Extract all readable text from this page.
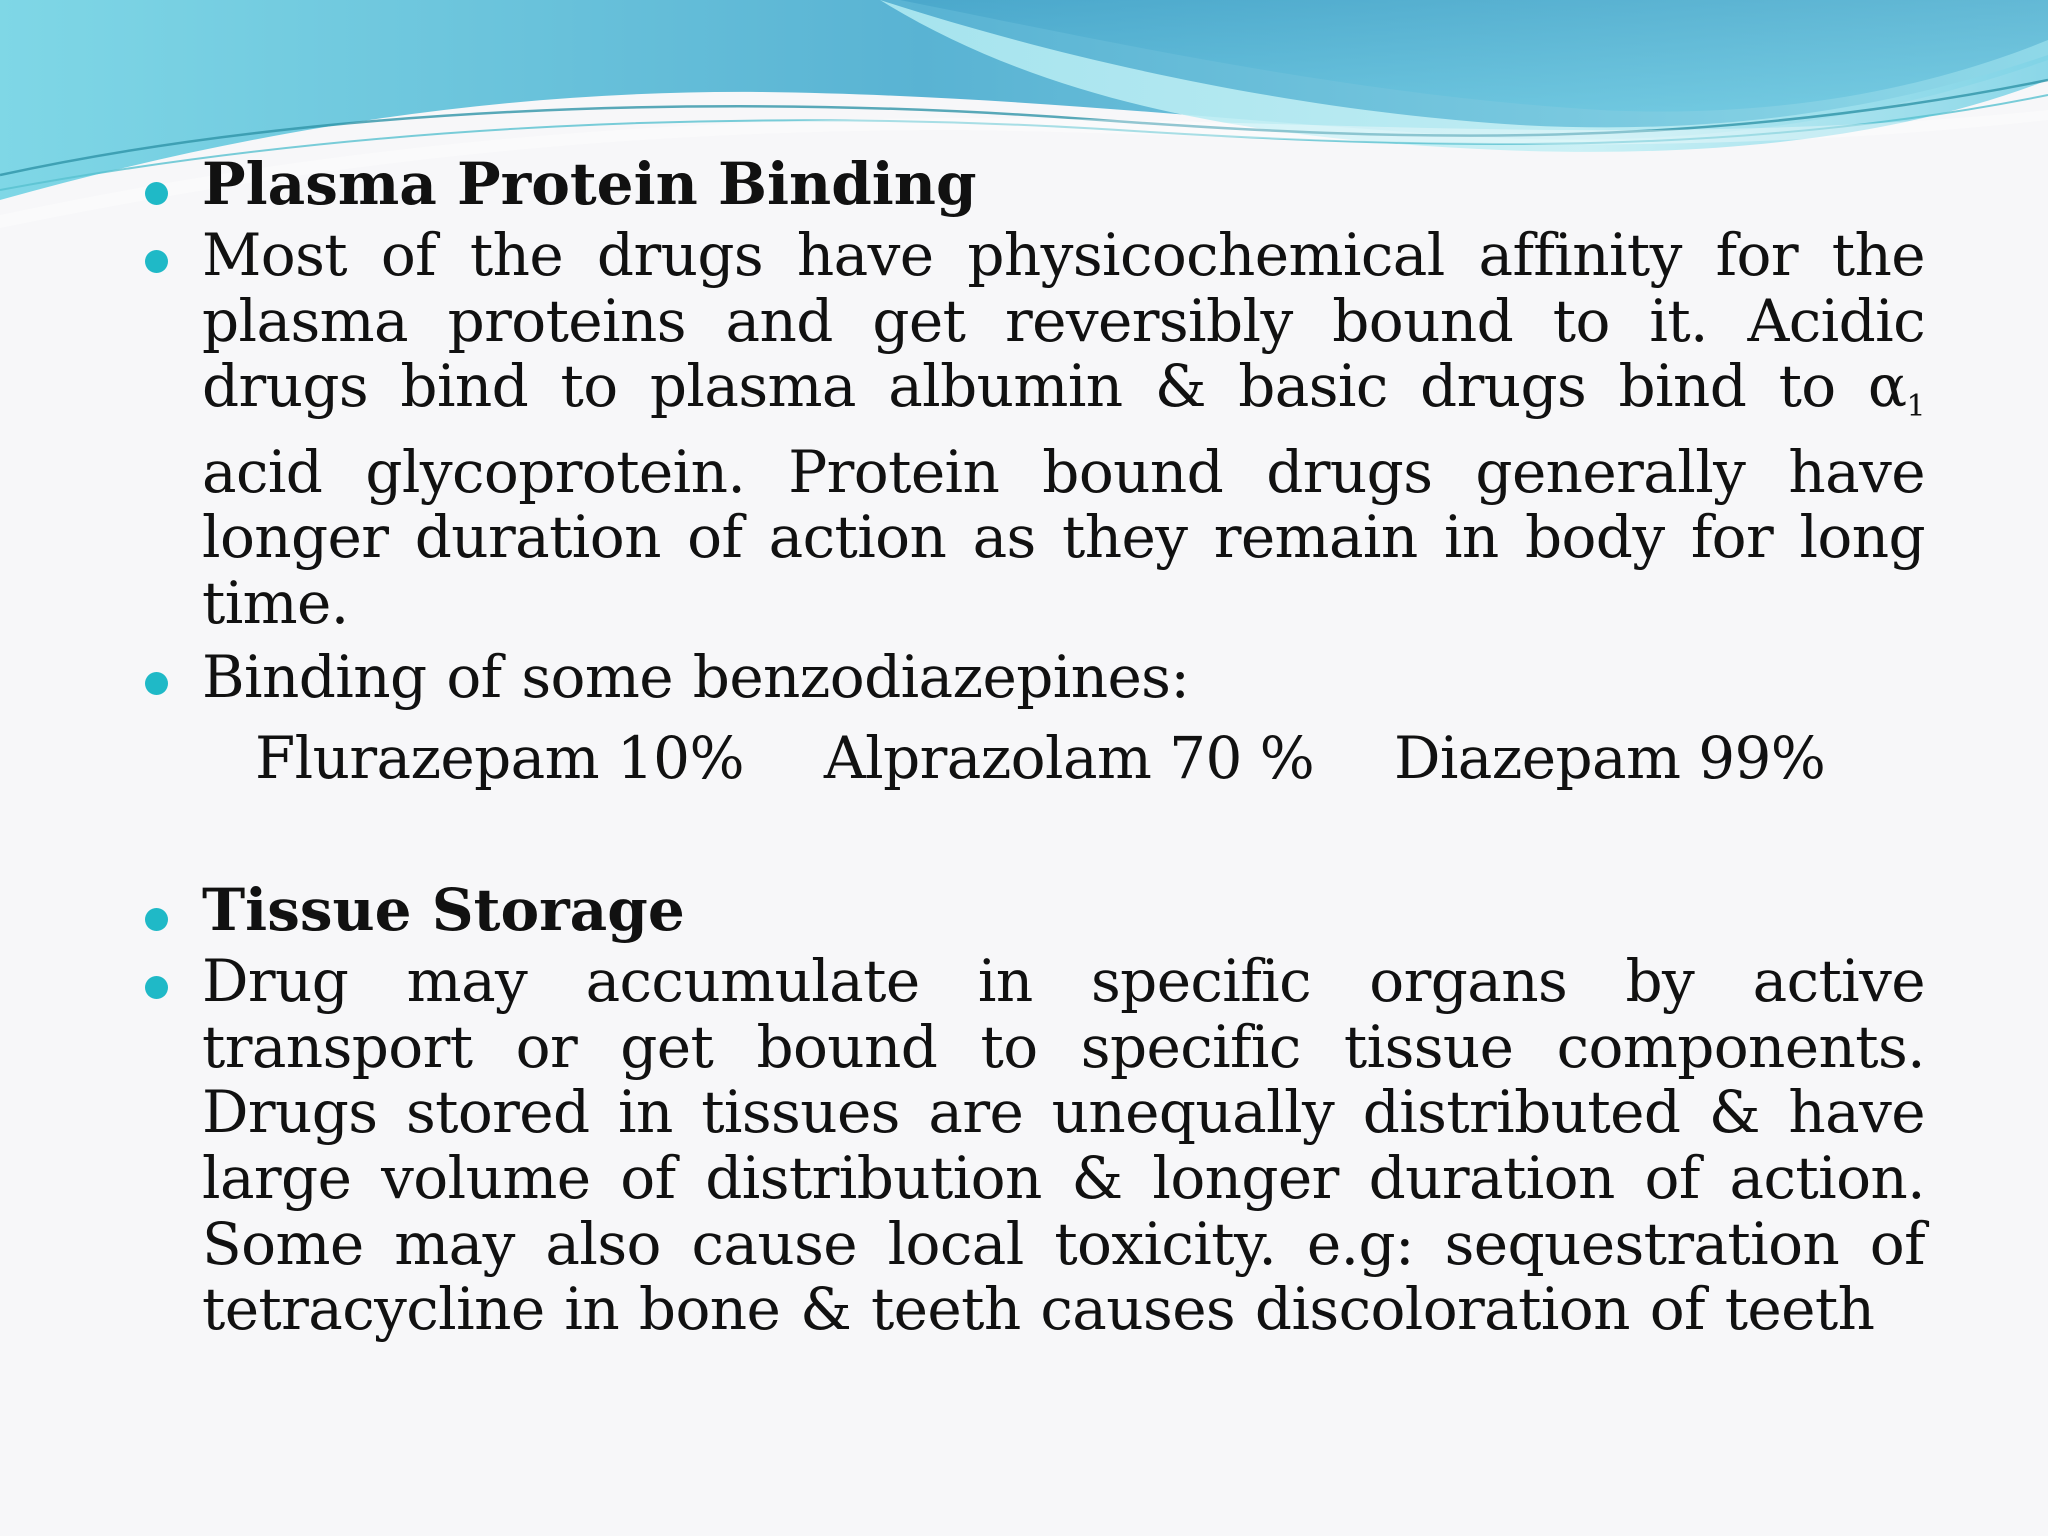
Plasma Protein Binding
Most of the drugs have physicochemical affinity for the plasma proteins and get reversibly bound to it. Acidic drugs bind to plasma albumin & basic drugs bind to $\alpha_1$ acid glycoprotein. Protein bound drugs generally have longer duration of action as they remain in body for long time.
Binding of some benzodiazepines:
Flurazepam 10% Alprazolam 70 % Diazepam 99%
Tissue Storage
Drug may accumulate in specific organs by active transport or get bound to specific tissue components. Drugs stored in tissues are unequally distributed & have large volume of distribution & longer duration of action. Some may also cause local toxicity. e.g: sequestration of tetracycline in bone & teeth causes discoloration of teeth
